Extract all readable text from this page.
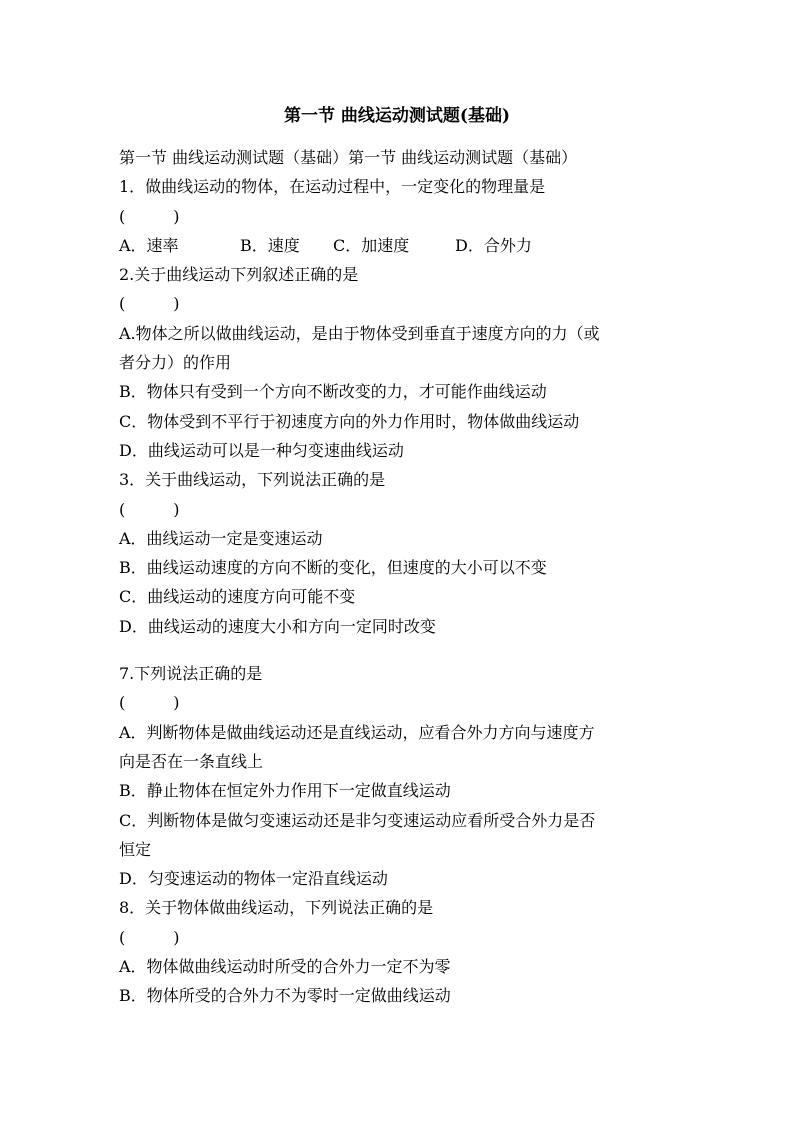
第一节 曲线运动测试题(基础)
第一节 曲线运动测试题（基础）第一节 曲线运动测试题（基础）
1．做曲线运动的物体，在运动过程中，一定变化的物理量是
(　　　)
A．速率	B．速度 C．加速度	D．合外力
2.关于曲线运动下列叙述正确的是
(　　　)
A.物体之所以做曲线运动，是由于物体受到垂直于速度方向的力（或
者分力）的作用
B．物体只有受到一个方向不断改变的力，才可能作曲线运动
C．物体受到不平行于初速度方向的外力作用时，物体做曲线运动
D．曲线运动可以是一种匀变速曲线运动
3．关于曲线运动，下列说法正确的是
(　　　)
A．曲线运动一定是变速运动
B．曲线运动速度的方向不断的变化，但速度的大小可以不变
C．曲线运动的速度方向可能不变
D．曲线运动的速度大小和方向一定同时改变
7.下列说法正确的是
(　　　)
A．判断物体是做曲线运动还是直线运动，应看合外力方向与速度方
向是否在一条直线上
B．静止物体在恒定外力作用下一定做直线运动
C．判断物体是做匀变速运动还是非匀变速运动应看所受合外力是否
恒定
D．匀变速运动的物体一定沿直线运动
8．关于物体做曲线运动，下列说法正确的是
(　　　)
A．物体做曲线运动时所受的合外力一定不为零
B．物体所受的合外力不为零时一定做曲线运动
